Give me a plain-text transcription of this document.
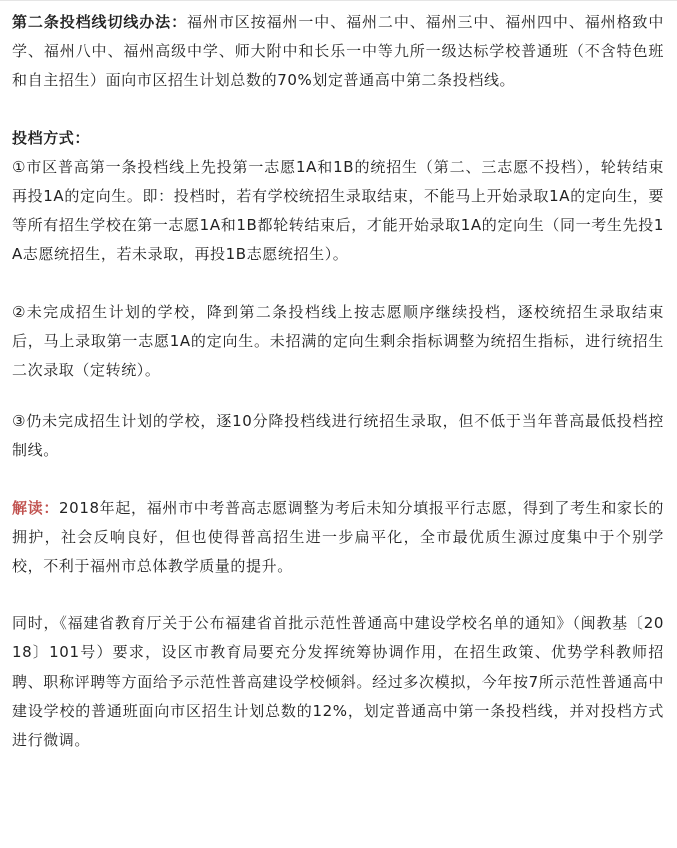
第二条投档线切线办法：福州市区按福州一中、福州二中、福州三中、福州四中、福州格致中学、福州八中、福州高级中学、师大附中和长乐一中等九所一级达标学校普通班（不含特色班和自主招生）面向市区招生计划总数的70%划定普通高中第二条投档线。

投档方式：

①市区普高第一条投档线上先投第一志愿1A和1B的统招生（第二、三志愿不投档），轮转结束再投1A的定向生。即：投档时，若有学校统招生录取结束，不能马上开始录取1A的定向生，要等所有招生学校在第一志愿1A和1B都轮转结束后，才能开始录取1A的定向生（同一考生先投1A志愿统招生，若未录取，再投1B志愿统招生）。

②未完成招生计划的学校，降到第二条投档线上按志愿顺序继续投档，逐校统招生录取结束后，马上录取第一志愿1A的定向生。未招满的定向生剩余指标调整为统招生指标，进行统招生二次录取（定转统）。

③仍未完成招生计划的学校，逐10分降投档线进行统招生录取，但不低于当年普高最低投档控制线。

解读：2018年起，福州市中考普高志愿调整为考后未知分填报平行志愿，得到了考生和家长的拥护，社会反响良好，但也使得普高招生进一步扁平化，全市最优质生源过度集中于个别学校，不利于福州市总体教学质量的提升。

同时，《福建省教育厅关于公布福建省首批示范性普通高中建设学校名单的通知》（闽教基〔2018〕101号）要求，设区市教育局要充分发挥统筹协调作用，在招生政策、优势学科教师招聘、职称评聘等方面给予示范性普高建设学校倾斜。经过多次模拟，今年按7所示范性普通高中建设学校的普通班面向市区招生计划总数的12%，划定普通高中第一条投档线，并对投档方式进行微调。
